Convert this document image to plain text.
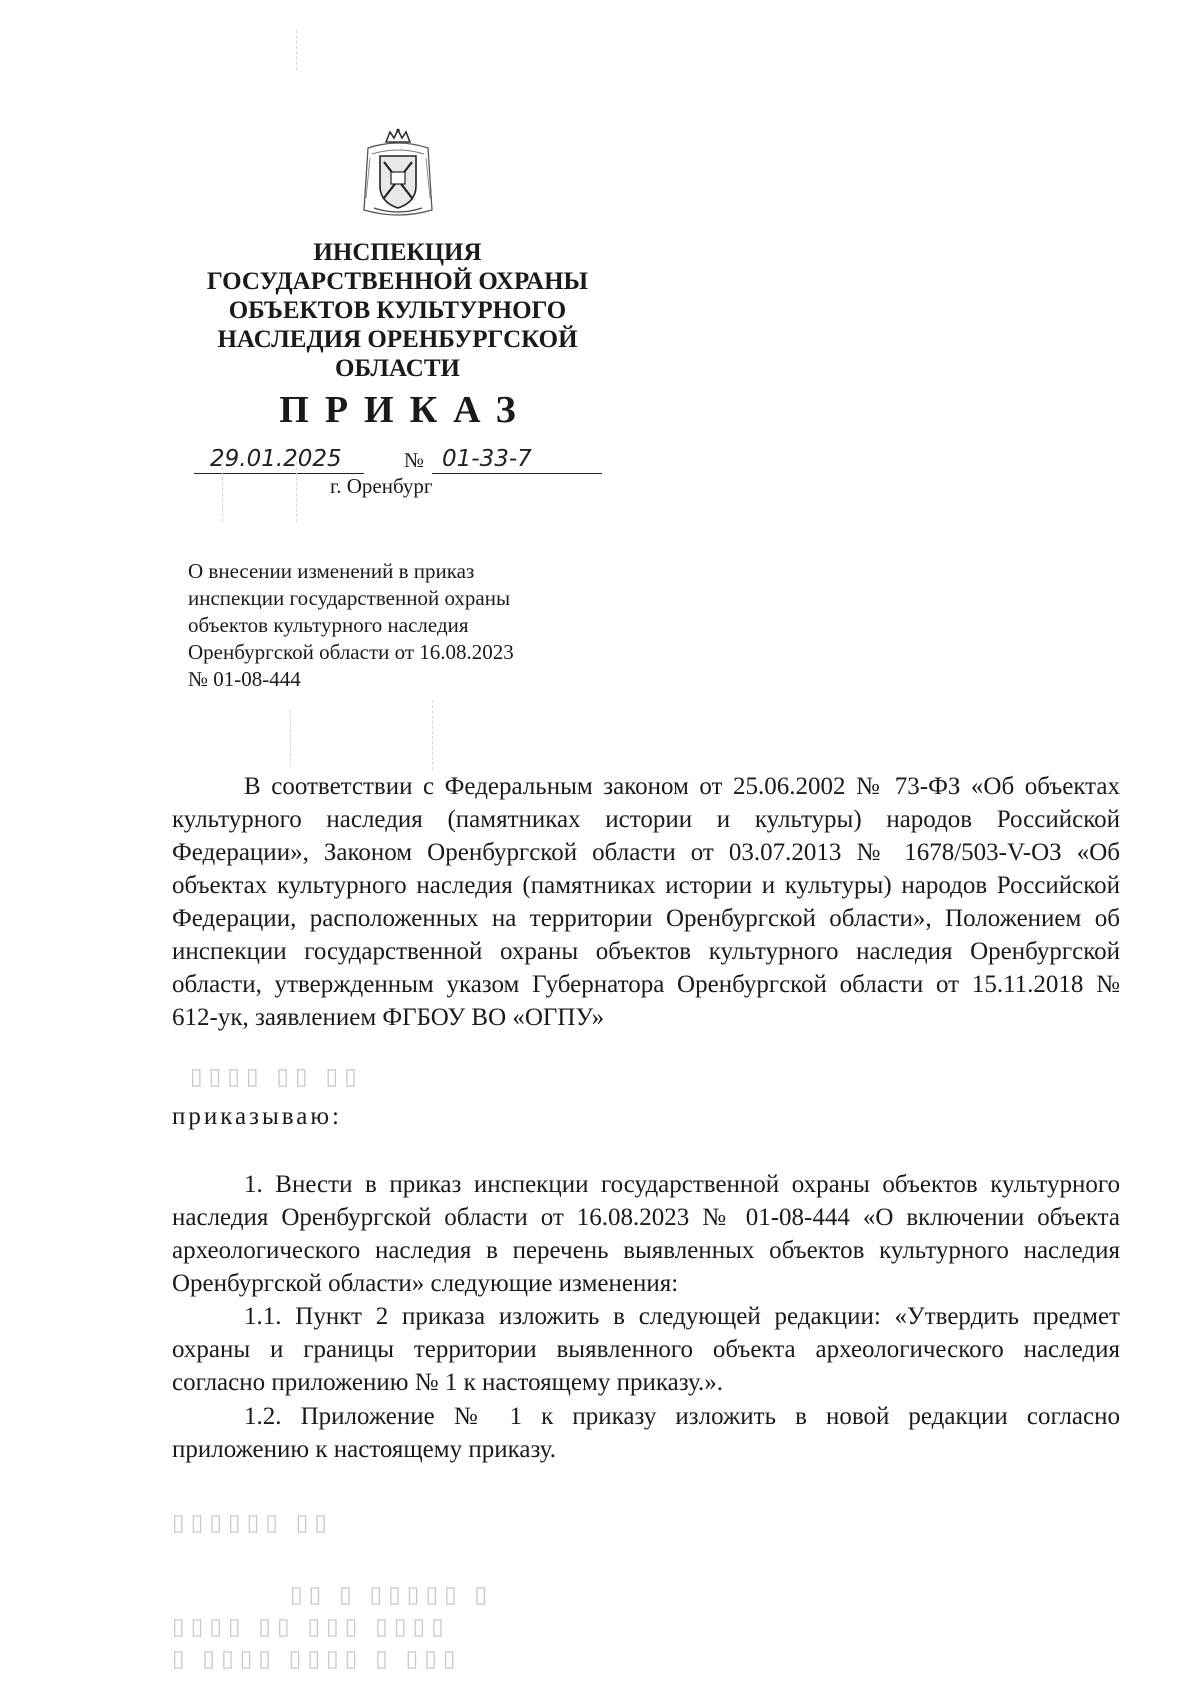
ИНСПЕКЦИЯ
ГОСУДАРСТВЕННОЙ ОХРАНЫ
ОБЪЕКТОВ КУЛЬТУРНОГО
НАСЛЕДИЯ ОРЕНБУРГСКОЙ
ОБЛАСТИ
ПРИКАЗ
29.01.2025	№ 01-33-7
г. Оренбург
О внесении изменений в приказ
инспекции государственной охраны
объектов культурного наследия
Оренбургской области от 16.08.2023
№ 01-08-444
В соответствии с Федеральным законом от 25.06.2002 № 73-ФЗ «Об объектах культурного наследия (памятниках истории и культуры) народов Российской Федерации», Законом Оренбургской области от 03.07.2013 № 1678/503-V-ОЗ «Об объектах культурного наследия (памятниках истории и культуры) народов Российской Федерации, расположенных на территории Оренбургской области», Положением об инспекции государственной охраны объектов культурного наследия Оренбургской области, утвержденным указом Губернатора Оренбургской области от 15.11.2018 № 612-ук, заявлением ФГБОУ ВО «ОГПУ»
▯▯▯▯ ▯▯ ▯▯
приказываю:
1. Внести в приказ инспекции государственной охраны объектов культурного наследия Оренбургской области от 16.08.2023 № 01-08-444 «О включении объекта археологического наследия в перечень выявленных объектов культурного наследия Оренбургской области» следующие изменения:
1.1. Пункт 2 приказа изложить в следующей редакции: «Утвердить предмет охраны и границы территории выявленного объекта археологического наследия согласно приложению № 1 к настоящему приказу.».
1.2. Приложение № 1 к приказу изложить в новой редакции согласно приложению к настоящему приказу.
▯▯▯▯▯▯ ▯▯
▯▯ ▯ ▯▯▯▯▯ ▯
▯▯▯▯ ▯▯ ▯▯▯ ▯▯▯▯
▯ ▯▯▯▯ ▯▯▯▯ ▯ ▯▯▯
